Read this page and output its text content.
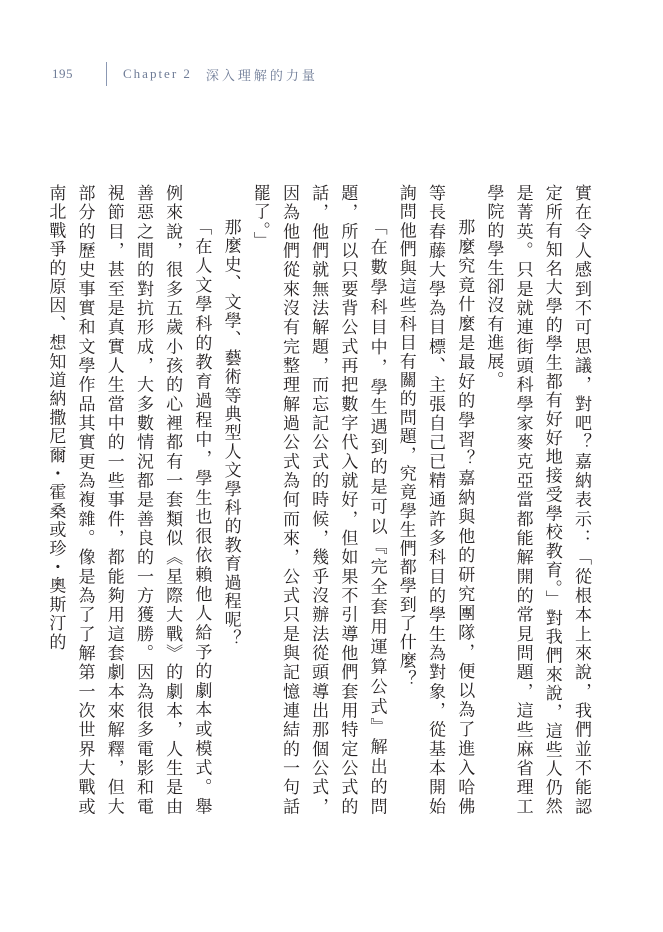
195	Chapter 2 深入理解的力量

實在令人感到不可思議，對吧？嘉納表示：「從根本上來說，我們並不能認定所有知名大學的學生都有好好地接受學校教育。」對我們來說，這些人仍然是菁英。只是就連街頭科學家麥克亞當都能解開的常見問題，這些麻省理工學院的學生卻沒有進展。

那麼究竟什麼是最好的學習？嘉納與他的研究團隊，便以為了進入哈佛等長春藤大學為目標、主張自己已精通許多科目的學生為對象，從基本開始詢問他們與這些科目有關的問題，究竟學生們都學到了什麼？

「在數學科目中，學生遇到的是可以『完全套用運算公式』解出的問題，所以只要背公式再把數字代入就好，但如果不引導他們套用特定公式的話，他們就無法解題，而忘記公式的時候，幾乎沒辦法從頭導出那個公式，因為他們從來沒有完整理解過公式為何而來，公式只是與記憶連結的一句話罷了。」

那麼史、文學、藝術等典型人文學科的教育過程呢？

「在人文學科的教育過程中，學生也很依賴他人給予的劇本或模式。舉例來說，很多五歲小孩的心裡都有一套類似《星際大戰》的劇本，人生是由善惡之間的對抗形成，大多數情況都是善良的一方獲勝。因為很多電影和電視節目，甚至是真實人生當中的一些事件，都能夠用這套劇本來解釋，但大部分的歷史事實和文學作品其實更為複雜。像是為了了解第一次世界大戰或南北戰爭的原因、想知道納撒尼爾・霍桑或珍・奧斯汀的
